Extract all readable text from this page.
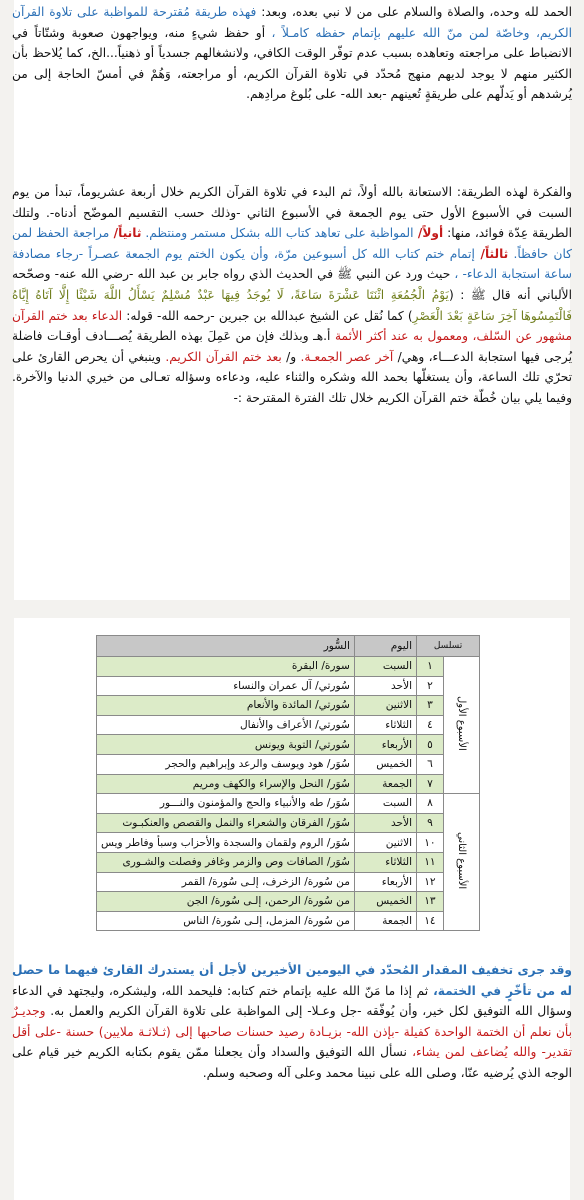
الحمد لله وحده، والصلاة والسلام على من لا نبي بعده، وبعد: فهذه طريقة مُقترحة للمواظبة على تلاوة القرآن الكريم، وخاصّة لمن منّ الله عليهم بإتمام حفظه كامـلاً ، أو حفظ شيءٍ منه، ويواجهون صعوبة وشتّاتاً في الانضباط على مراجعته وتعاهده بسبب عدم توفّر الوقت الكافي، ولانشغالهم جسدياً أو ذهنياً...الخ، كما يُلاحظ بأن الكثير منهم لا يوجد لديهم منهج مُحدّد في تلاوة القرآن الكريم، أو مراجعته، وَهُمْ في أمسّ الحاجة إلى من يُرشدهم أو يَدلّهم على طريقةٍ تُعينهم -بعد الله- على بُلوغ مرادِهم.

والفكرة لهذه الطريقة: الاستعانة بالله أولاً، ثم البدء في تلاوة القرآن الكريم خلال أربعة عشريوماً، تبدأ من يوم السبت في الأسبوع الأول حتى يوم الجمعة في الأسبوع الثاني -وذلك حسب التقسيم الموضّح أدناه-. ولتلك الطريقة عِدّة فوائد، منها: أولاً/ المواظبة على تعاهد كتاب الله بشكل مستمر ومنتظم. ثانياً/ مراجعة الحفظ لمن كان حافظاً. ثالثاً/ إتمام ختم كتاب الله كل أسبوعين مرّة، وأن يكون الختم يوم الجمعة عصـراً -رجاء مصادفة ساعة استجابة الدعاء- ، حيث ورد عن النبي ﷺ في الحديث الذي رواه جابر بن عبد الله -رضي الله عنه- وصحّحه الألباني أنه قال ﷺ : (يَوْمُ الْجُمُعَةِ اثْنَتَا عَشْرَةَ سَاعَةً، لَا يُوجَدُ فِيهَا عَبْدٌ مُسْلِمٌ يَسْأَلُ اللَّهَ شَيْئًا إِلَّا آتَاهُ إِيَّاهُ فَالْتَمِسُوهَا آخِرَ سَاعَةٍ بَعْدَ الْعَصْرِ) كما نُقل عن الشيخ عبدالله بن جبرين -رحمه الله- قوله: الدعاء بعد ختم القرآن مشهور عن السّلف، ومعمول به عند أكثر الأئمة أ.هـ وبذلك فإن من عَمِلَ بهذه الطريقة يُصـــادف أوقـات فاضلة يُرجى فيها استجابة الدعـــاء، وهي/ آخر عصر الجمعـة. و/ بعد ختم القرآن الكريم. وينبغي أن يحرص القارئ على تحرّي تلك الساعة، وأن يستغلّها بحمد الله وشكره والثناء عليه، ودعاءه وسؤاله تعـالى من خيري الدنيا والآخرة. وفيما يلي بيان خُطّة ختم القرآن الكريم خلال تلك الفترة المقترحة :-

تسلسل		اليوم	السُّور
الأسبوع الأول	١	السبت	سورة/ البقرة
	٢	الأحد	سُورتي/ آل عمران والنساء
	٣	الاثنين	سُورتي/ المائدة والأنعام
	٤	الثلاثاء	سُورتي/ الأعراف والأنفال
	٥	الأربعاء	سُورتي/ التوبة ويونس
	٦	الخميس	سُوَر/ هود ويوسف والرعد وإبراهيم والحجر
	٧	الجمعة	سُوَر/ النحل والإسراء والكهف ومريم
الأسبوع الثاني	٨	السبت	سُوَر/ طه والأنبياء والحج والمؤمنون والنـــور
	٩	الأحد	سُوَر/ الفرقان والشعراء والنمل والقصص والعنكبـوت
	١٠	الاثنين	سُوَر/ الروم ولقمان والسجدة والأحزاب وسبأ وفاطر ويس
	١١	الثلاثاء	سُوَر/ الصافات وص والزمر وغافر وفصلت والشـورى
	١٢	الأربعاء	من سُورة/ الزخرف، إلـى سُورة/ القمر
	١٣	الخميس	من سُورة/ الرحمن، إلـى سُورة/ الجن
	١٤	الجمعة	من سُورة/ المزمل، إلـى سُورة/ الناس

وقد جرى تخفيف المقدار المُحدّد في اليومين الأخيرين لأجل أن يستدرك القارئ فيهما ما حصل له من تأخّرٍ في الختمة، ثم إذا ما مَنّ الله عليه بإتمام ختم كتابه: فليحمد الله، وليشكره، وليجتهد في الدعاء وسؤال الله التوفيق لكل خير، وأن يُوفّقه -جل وعـلا- إلى المواظبة على تلاوة القرآن الكريم والعمل به. وجديـرٌ بأن نعلم أن الختمة الواحدة كفيلة -بإذن الله- بزيـادة رصيد حسنات صاحبها إلى (ثـلاثـة ملايين) حسنة -على أقل تقدير- والله يُضاعف لمن يشاء، نسأل الله التوفيق والسداد وأن يجعلنا ممّن يقوم بكتابه الكريم خير قيام على الوجه الذي يُرضيه عنّا، وصلى الله على نبينا محمد وعلى آله وصحبه وسلم.
